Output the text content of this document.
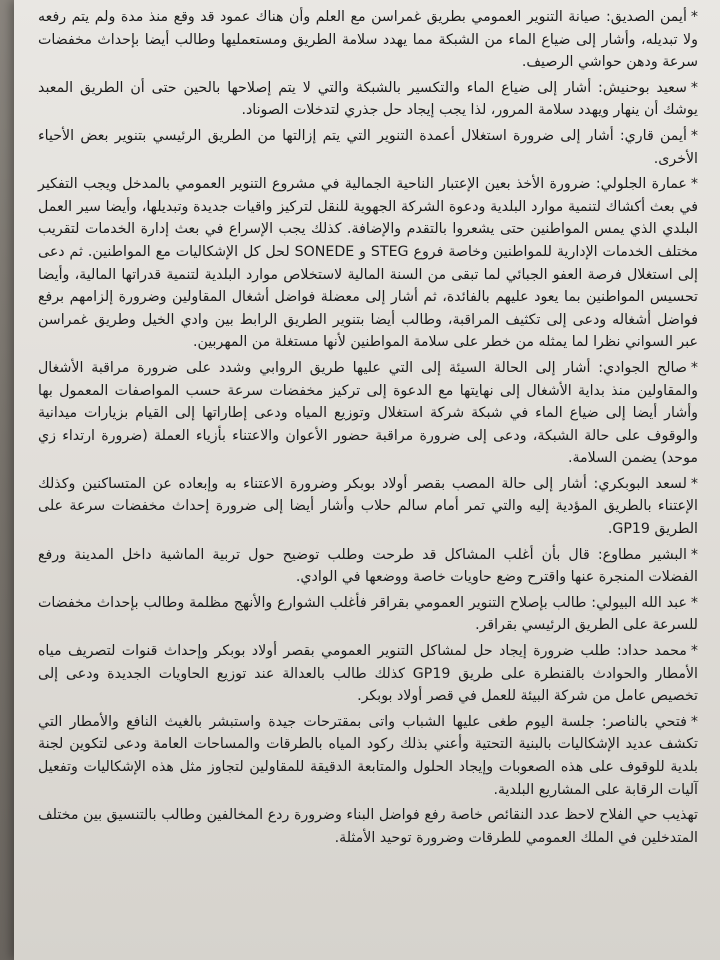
*أيمن الصديق: صيانة التنوير العمومي بطريق غمراسن مع العلم وأن هناك عمود قد وقع منذ مدة ولم يتم رفعه ولا تبديله، وأشار إلى ضياع الماء من الشبكة مما يهدد سلامة الطريق ومستعمليها وطالب أيضا بإحداث مخفضات سرعة ودهن حواشي الرصيف.

*سعيد بوحنيش: أشار إلى ضياع الماء والتكسير بالشبكة والتي لا يتم إصلاحها بالحين حتى أن الطريق المعبد يوشك أن ينهار ويهدد سلامة المرور، لذا يجب إيجاد حل جذري لتدخلات الصوناد.

*أيمن قاري: أشار إلى ضرورة استغلال أعمدة التنوير التي يتم إزالتها من الطريق الرئيسي بتنوير بعض الأحياء الأخرى.

*عمارة الجلولي: ضرورة الأخذ بعين الإعتبار الناحية الجمالية في مشروع التنوير العمومي بالمدخل ويجب التفكير في بعث أكشاك لتنمية موارد البلدية ودعوة الشركة الجهوية للنقل لتركيز واقيات جديدة وتبديلها، وأيضا سير العمل البلدي الذي يمس المواطنين حتى يشعروا بالتقدم والإضافة. كذلك يجب الإسراع في بعث إدارة الخدمات لتقريب مختلف الخدمات الإدارية للمواطنين وخاصة فروع STEG و SONEDE لحل كل الإشكاليات مع المواطنين. ثم دعى إلى استغلال فرصة العفو الجبائي لما تبقى من السنة المالية لاستخلاص موارد البلدية لتنمية قدراتها المالية، وأيضا تحسيس المواطنين بما يعود عليهم بالفائدة، ثم أشار إلى معضلة فواضل أشغال المقاولين وضرورة إلزامهم برفع فواضل أشغاله ودعى إلى تكثيف المراقبة، وطالب أيضا بتنوير الطريق الرابط بين وادي الخيل وطريق غمراسن عبر السواني نظرا لما يمثله من خطر على سلامة المواطنين لأنها مستغلة من المهربين.

*صالح الجوادي: أشار إلى الحالة السيئة إلى التي عليها طريق الروابي وشدد على ضرورة مراقبة الأشغال والمقاولين منذ بداية الأشغال إلى نهايتها مع الدعوة إلى تركيز مخفضات سرعة حسب المواصفات المعمول بها وأشار أيضا إلى ضياع الماء في شبكة شركة استغلال وتوزيع المياه ودعى إطاراتها إلى القيام بزيارات ميدانية والوقوف على حالة الشبكة، ودعى إلى ضرورة مراقبة حضور الأعوان والاعتناء بأزياء العملة (ضرورة ارتداء زي موحد) يضمن السلامة.

*لسعد البوبكري: أشار إلى حالة المصب بقصر أولاد بوبكر وضرورة الاعتناء به وإبعاده عن المتساكنين وكذلك الإعتناء بالطريق المؤدية إليه والتي تمر أمام سالم حلاب وأشار أيضا إلى ضرورة إحداث مخفضات سرعة على الطريق GP19.

*البشير مطاوع: قال بأن أغلب المشاكل قد طرحت وطلب توضيح حول تربية الماشية داخل المدينة ورفع الفضلات المنجرة عنها واقترح وضع حاويات خاصة ووضعها في الوادي.

*عبد الله البيولي: طالب بإصلاح التنوير العمومي بقراقر فأغلب الشوارع والأنهج مظلمة وطالب بإحداث مخفضات للسرعة على الطريق الرئيسي بقراقر.

*محمد حداد: طلب ضرورة إيجاد حل لمشاكل التنوير العمومي بقصر أولاد بوبكر وإحداث قنوات لتصريف مياه الأمطار والحوادث بالقنطرة على طريق GP19 كذلك طالب بالعدالة عند توزيع الحاويات الجديدة ودعى إلى تخصيص عامل من شركة البيئة للعمل في قصر أولاد بوبكر.

*فتحي بالناصر: جلسة اليوم طغى عليها الشباب واتى بمقترحات جيدة واستبشر بالغيث النافع والأمطار التي تكشف عديد الإشكاليات بالبنية التحتية وأعني بذلك ركود المياه بالطرقات والمساحات العامة ودعى لتكوين لجنة بلدية للوقوف على هذه الصعوبات وإيجاد الحلول والمتابعة الدقيقة للمقاولين لتجاوز مثل هذه الإشكاليات وتفعيل آليات الرقابة على المشاريع البلدية.

تهذيب حي الفلاح لاحظ عدد النقائص خاصة رفع فواضل البناء وضرورة ردع المخالفين وطالب بالتنسيق بين مختلف المتدخلين في الملك العمومي للطرقات وضرورة توحيد الأمثلة.
